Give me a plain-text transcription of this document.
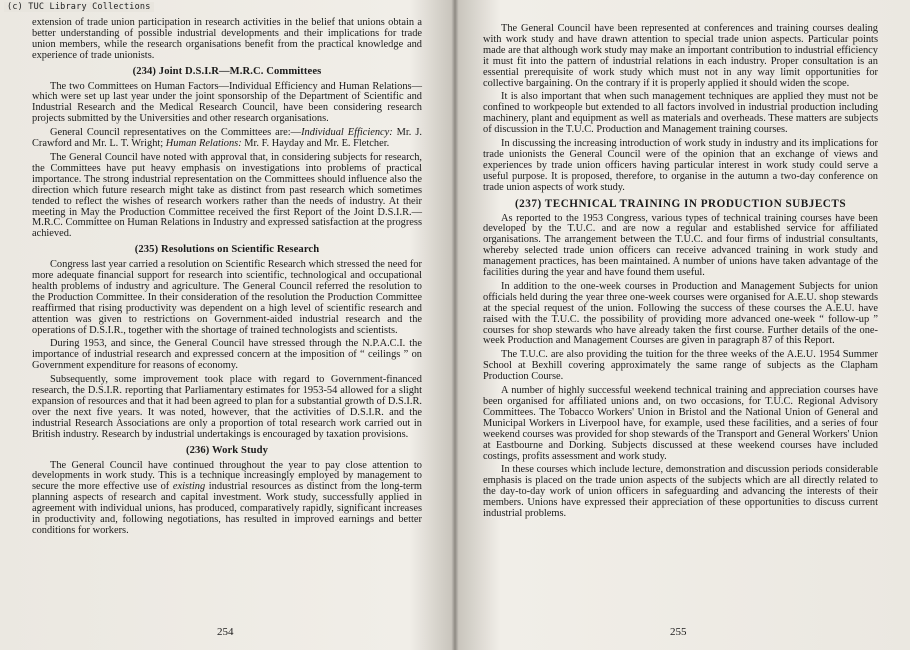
(c) TUC Library Collections

extension of trade union participation in research activities in the belief that unions obtain a better understanding of possible industrial developments and their implications for trade union members, while the research organisations benefit from the practical knowledge and experience of trade unionists.

(234) Joint D.S.I.R—M.R.C. Committees

The two Committees on Human Factors—Individual Efficiency and Human Relations—which were set up last year under the joint sponsorship of the Department of Scientific and Industrial Research and the Medical Research Council, have been considering research projects submitted by the Universities and other research organisations.

General Council representatives on the Committees are:—Individual Efficiency: Mr. J. Crawford and Mr. L. T. Wright; Human Relations: Mr. F. Hayday and Mr. E. Fletcher.

The General Council have noted with approval that, in considering subjects for research, the Committees have put heavy emphasis on investigations into problems of practical importance. The strong industrial representation on the Committees should influence also the direction which future research might take as distinct from past research which sometimes tended to reflect the wishes of research workers rather than the needs of industry. At their meeting in May the Production Committee received the first Report of the Joint D.S.I.R.—M.R.C. Committee on Human Relations in Industry and expressed satisfaction at the progress achieved.

(235) Resolutions on Scientific Research

Congress last year carried a resolution on Scientific Research which stressed the need for more adequate financial support for research into scientific, technological and occupational health problems of industry and agriculture. The General Council referred the resolution to the Production Committee. In their consideration of the resolution the Production Committee reaffirmed that rising productivity was dependent on a high level of scientific research and attention was given to restrictions on Government-aided industrial research and the operations of D.S.I.R., together with the shortage of trained technologists and scientists.

During 1953, and since, the General Council have stressed through the N.P.A.C.I. the importance of industrial research and expressed concern at the imposition of “ ceilings ” on Government expenditure for reasons of economy.

Subsequently, some improvement took place with regard to Government-financed research, the D.S.I.R. reporting that Parliamentary estimates for 1953-54 allowed for a slight expansion of resources and that it had been agreed to plan for a substantial growth of D.S.I.R. over the next five years. It was noted, however, that the activities of D.S.I.R. and the industrial Research Associations are only a proportion of total research work carried out in British industry. Research by industrial undertakings is encouraged by taxation provisions.

(236) Work Study

The General Council have continued throughout the year to pay close attention to developments in work study. This is a technique increasingly employed by management to secure the more effective use of existing industrial resources as distinct from the long-term planning aspects of research and capital investment. Work study, successfully applied in agreement with individual unions, has produced, comparatively rapidly, significant increases in productivity and, following negotiations, has resulted in improved earnings and better conditions for workers.

254

The General Council have been represented at conferences and training courses dealing with work study and have drawn attention to special trade union aspects. Particular points made are that although work study may make an important contribution to industrial efficiency it must fit into the pattern of industrial relations in each industry. Proper consultation is an essential prerequisite of work study which must not in any way limit opportunities for collective bargaining. On the contrary if it is properly applied it should widen the scope.

It is also important that when such management techniques are applied they must not be confined to workpeople but extended to all factors involved in industrial production including machinery, plant and equipment as well as materials and overheads. These matters are subjects of discussion in the T.U.C. Production and Management training courses.

In discussing the increasing introduction of work study in industry and its implications for trade unionists the General Council were of the opinion that an exchange of views and experiences by trade union officers having particular interest in work study could serve a useful purpose. It is proposed, therefore, to organise in the autumn a two-day conference on trade union aspects of work study.

(237) TECHNICAL TRAINING IN PRODUCTION SUBJECTS

As reported to the 1953 Congress, various types of technical training courses have been developed by the T.U.C. and are now a regular and established service for affiliated organisations. The arrangement between the T.U.C. and four firms of industrial consultants, whereby selected trade union officers can receive advanced training in work study and management practices, has been maintained. A number of unions have taken advantage of the facilities during the year and have found them useful.

In addition to the one-week courses in Production and Management Subjects for union officials held during the year three one-week courses were organised for A.E.U. shop stewards at the special request of the union. Following the success of these courses the A.E.U. have raised with the T.U.C. the possibility of providing more advanced one-week “ follow-up ” courses for shop stewards who have already taken the first course. Further details of the one-week Production and Management Courses are given in paragraph 87 of this Report.

The T.U.C. are also providing the tuition for the three weeks of the A.E.U. 1954 Summer School at Bexhill covering approximately the same range of subjects as the Clapham Production Course.

A number of highly successful weekend technical training and appreciation courses have been organised for affiliated unions and, on two occasions, for T.U.C. Regional Advisory Committees. The Tobacco Workers' Union in Bristol and the National Union of General and Municipal Workers in Liverpool have, for example, used these facilities, and a series of four weekend courses was provided for shop stewards of the Transport and General Workers' Union at Eastbourne and Dorking. Subjects discussed at these weekend courses have included costings, profits assessment and work study.

In these courses which include lecture, demonstration and discussion periods considerable emphasis is placed on the trade union aspects of the subjects which are all directly related to the day-to-day work of union officers in safeguarding and advancing the interests of their members. Unions have expressed their appreciation of these opportunities to discuss current industrial problems.

255
